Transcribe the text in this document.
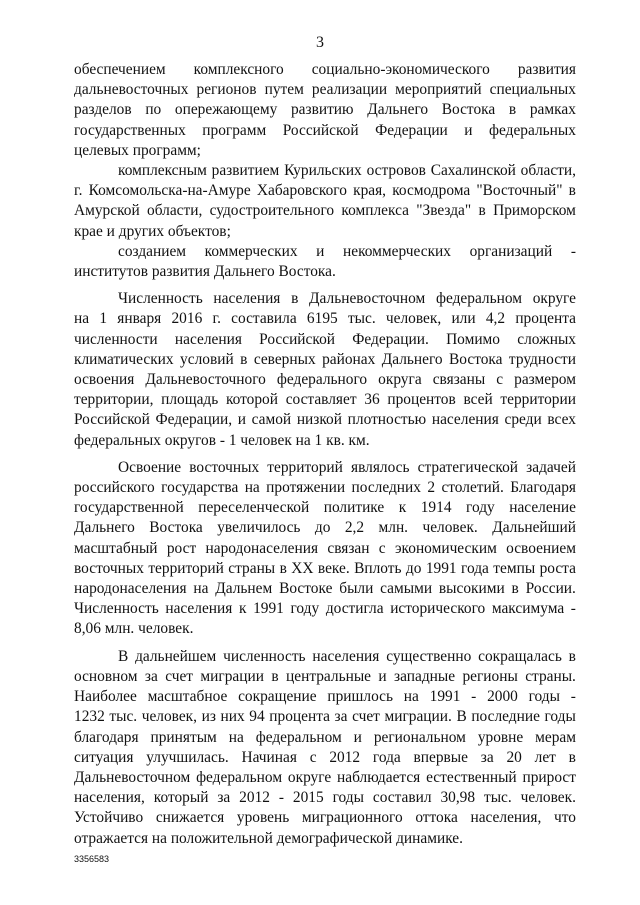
3
обеспечением комплексного социально-экономического развития
дальневосточных регионов путем реализации мероприятий специальных
разделов по опережающему развитию Дальнего Востока в рамках
государственных программ Российской Федерации и федеральных
целевых программ;
комплексным развитием Курильских островов Сахалинской области,
г. Комсомольска-на-Амуре Хабаровского края, космодрома "Восточный" в
Амурской области, судостроительного комплекса "Звезда" в Приморском
крае и других объектов;
созданием коммерческих и некоммерческих организаций -
институтов развития Дальнего Востока.
Численность населения в Дальневосточном федеральном округе
на 1 января 2016 г. составила 6195 тыс. человек, или 4,2 процента
численности населения Российской Федерации. Помимо сложных
климатических условий в северных районах Дальнего Востока трудности
освоения Дальневосточного федерального округа связаны с размером
территории, площадь которой составляет 36 процентов всей территории
Российской Федерации, и самой низкой плотностью населения среди всех
федеральных округов - 1 человек на 1 кв. км.
Освоение восточных территорий являлось стратегической задачей
российского государства на протяжении последних 2 столетий. Благодаря
государственной переселенческой политике к 1914 году население
Дальнего Востока увеличилось до 2,2 млн. человек. Дальнейший
масштабный рост народонаселения связан с экономическим освоением
восточных территорий страны в XX веке. Вплоть до 1991 года темпы роста
народонаселения на Дальнем Востоке были самыми высокими в России.
Численность населения к 1991 году достигла исторического максимума -
8,06 млн. человек.
В дальнейшем численность населения существенно сокращалась в
основном за счет миграции в центральные и западные регионы страны.
Наиболее масштабное сокращение пришлось на 1991 - 2000 годы -
1232 тыс. человек, из них 94 процента за счет миграции. В последние годы
благодаря принятым на федеральном и региональном уровне мерам
ситуация улучшилась. Начиная с 2012 года впервые за 20 лет в
Дальневосточном федеральном округе наблюдается естественный прирост
населения, который за 2012 - 2015 годы составил 30,98 тыс. человек.
Устойчиво снижается уровень миграционного оттока населения, что
отражается на положительной демографической динамике.
3356583
